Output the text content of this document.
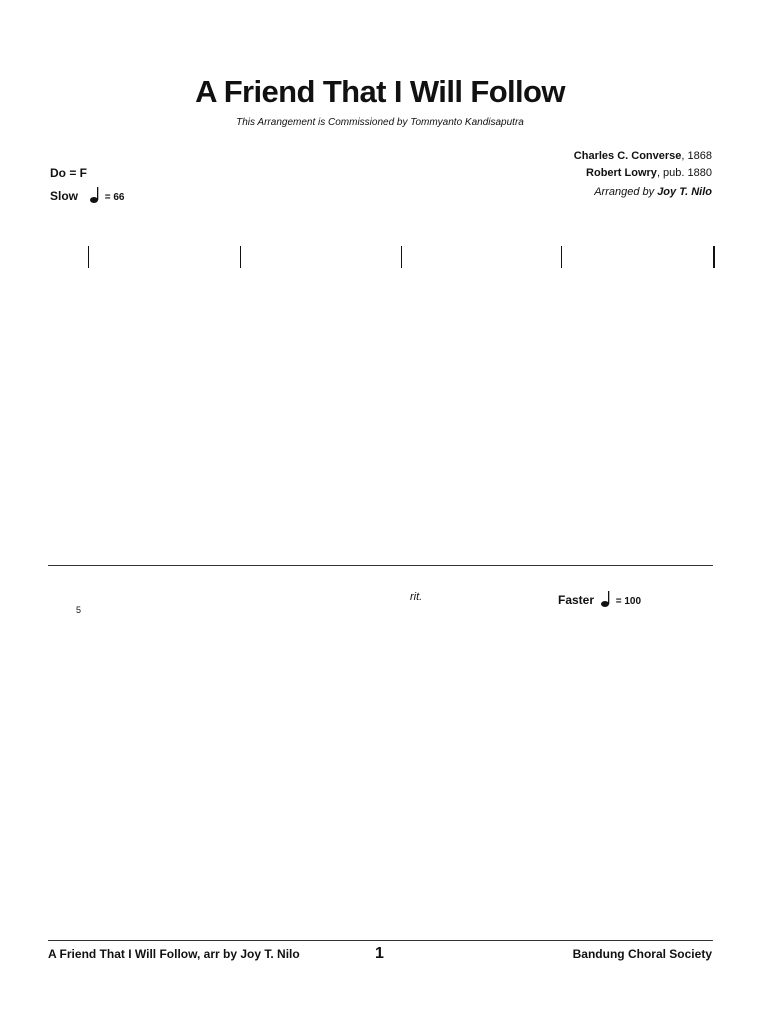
A Friend That I Will Follow
This Arrangement is Commissioned by Tommyanto Kandisaputra
Charles C. Converse, 1868
Robert Lowry, pub. 1880
Arranged by Joy T. Nilo
Do = F
Slow	= 66
5
rit.	Faster = 100
A Friend That I Will Follow, arr by Joy T. Nilo	1	Bandung Choral Society
